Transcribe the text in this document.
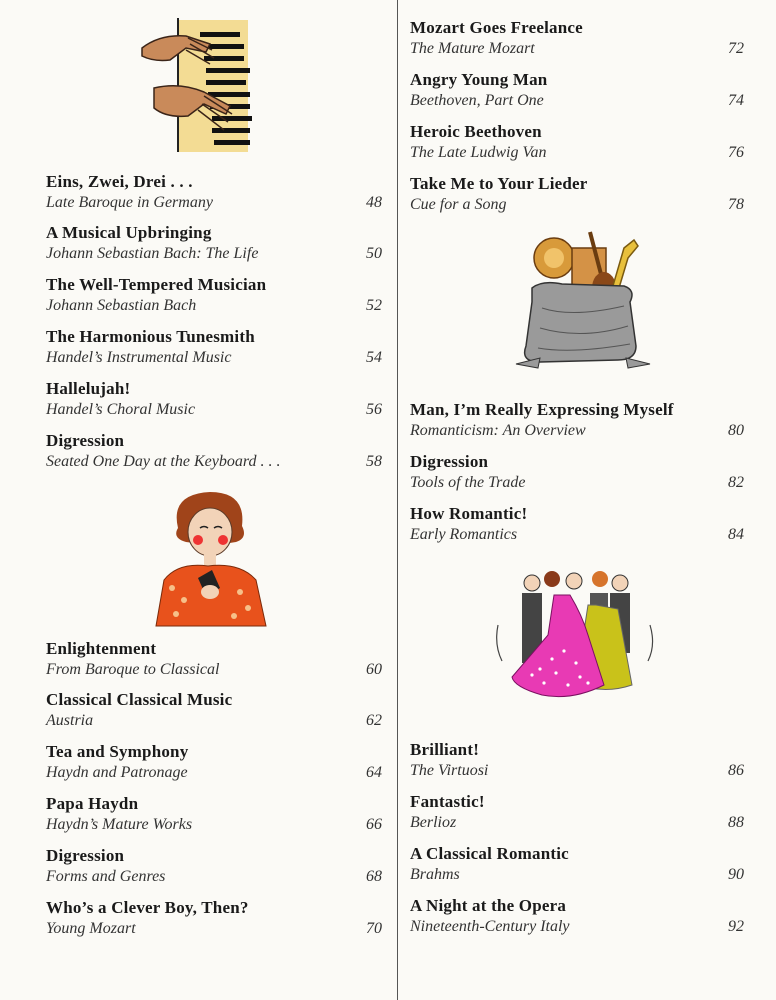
Eins, Zwei, Drei . . .
Late Baroque in Germany	48
A Musical Upbringing
Johann Sebastian Bach: The Life	50
The Well-Tempered Musician
Johann Sebastian Bach	52
The Harmonious Tunesmith
Handel’s Instrumental Music	54
Hallelujah!
Handel’s Choral Music	56
Digression
Seated One Day at the Keyboard . . .	58
Enlightenment
From Baroque to Classical	60
Classical Classical Music
Austria	62
Tea and Symphony
Haydn and Patronage	64
Papa Haydn
Haydn’s Mature Works	66
Digression
Forms and Genres	68
Who’s a Clever Boy, Then?
Young Mozart	70
Mozart Goes Freelance
The Mature Mozart	72
Angry Young Man
Beethoven, Part One	74
Heroic Beethoven
The Late Ludwig Van	76
Take Me to Your Lieder
Cue for a Song	78
Man, I’m Really Expressing Myself
Romanticism: An Overview	80
Digression
Tools of the Trade	82
How Romantic!
Early Romantics	84
Brilliant!
The Virtuosi	86
Fantastic!
Berlioz	88
A Classical Romantic
Brahms	90
A Night at the Opera
Nineteenth-Century Italy	92
